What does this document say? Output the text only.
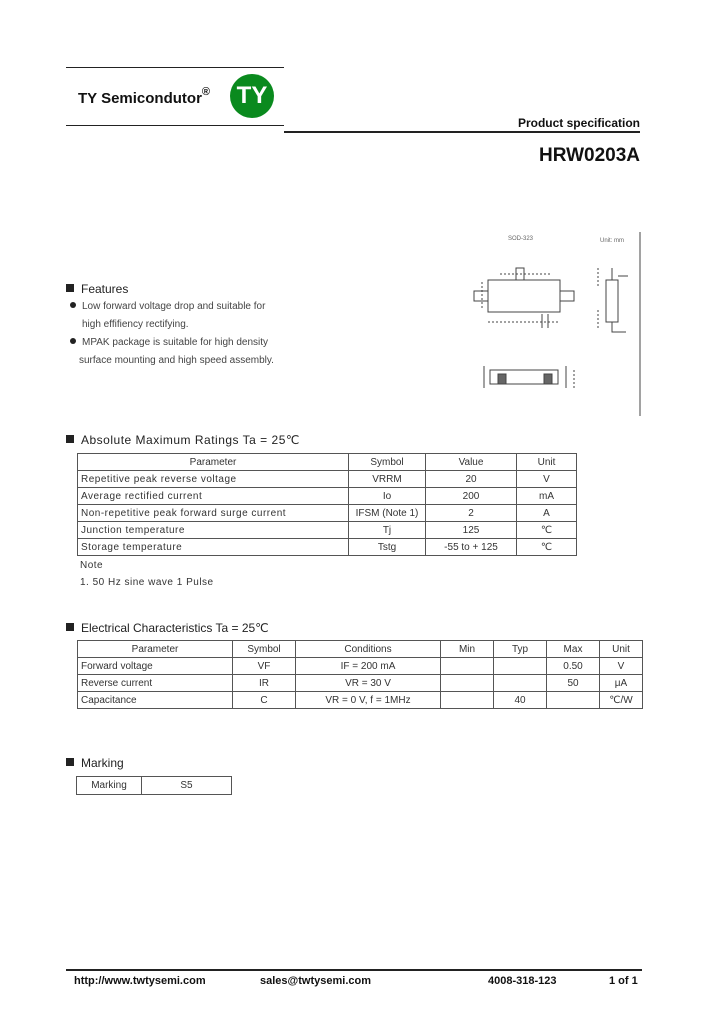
TY Semicondutor® TY
Product specification
HRW0203A
SOD-323	Unit: mm
Features
Low forward voltage drop and suitable for
high effifiency rectifying.
MPAK package is suitable for high density
surface mounting and high speed assembly.
Absolute Maximum Ratings Ta = 25℃
Parameter	Symbol	Value	Unit
Repetitive peak reverse voltage	VRRM	20	V
Average rectified current	Io	200	mA
Non-repetitive peak forward surge current	IFSM (Note 1)	2	A
Junction temperature	Tj	125	℃
Storage temperature	Tstg	-55 to + 125	℃
Note
1. 50 Hz sine wave 1 Pulse
Electrical Characteristics Ta = 25℃
Parameter	Symbol	Conditions	Min	Typ	Max	Unit
Forward voltage	VF	IF = 200 mA			0.50	V
Reverse current	IR	VR = 30 V			50	μA
Capacitance	C	VR = 0 V, f = 1MHz		40		℃/W
Marking
Marking	S5
http://www.twtysemi.com	sales@twtysemi.com	4008-318-123	1 of 1
